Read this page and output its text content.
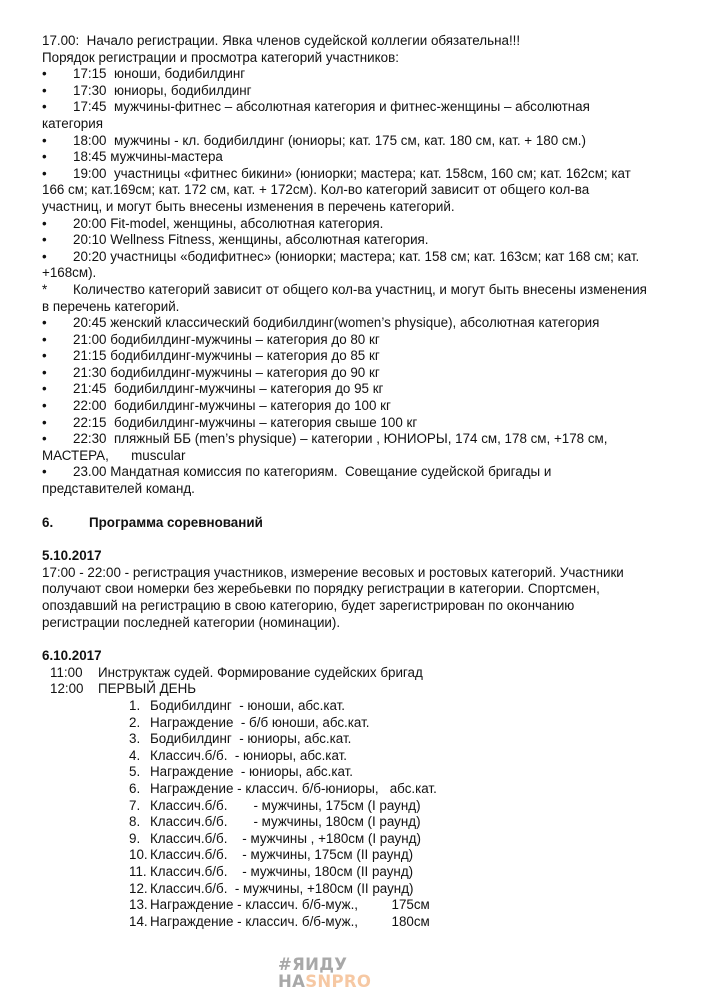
17.00:  Начало регистрации. Явка членов судейской коллегии обязательна!!!
Порядок регистрации и просмотра категорий участников:
•	17:15  юноши, бодибилдинг
•	17:30  юниоры, бодибилдинг
•	17:45  мужчины-фитнес – абсолютная категория и фитнес-женщины – абсолютная
категория
•	18:00  мужчины - кл. бодибилдинг (юниоры; кат. 175 см, кат. 180 см, кат. + 180 см.)
•	18:45 мужчины-мастера
•	19:00  участницы «фитнес бикини» (юниорки; мастера; кат. 158см, 160 см; кат. 162см; кат
166 см; кат.169см; кат. 172 см, кат. + 172см). Кол-во категорий зависит от общего кол-ва
участниц, и могут быть внесены изменения в перечень категорий.
•	20:00 Fit-model, женщины, абсолютная категория.
•	20:10 Wellness Fitness, женщины, абсолютная категория.
•	20:20 участницы «бодифитнес» (юниорки; мастера; кат. 158 см; кат. 163см; кат 168 см; кат.
+168см).
*	Количество категорий зависит от общего кол-ва участниц, и могут быть внесены изменения
в перечень категорий.
•	20:45 женский классический бодибилдинг(women’s physique), абсолютная категория
•	21:00 бодибилдинг-мужчины – категория до 80 кг
•	21:15 бодибилдинг-мужчины – категория до 85 кг
•	21:30 бодибилдинг-мужчины – категория до 90 кг
•	21:45  бодибилдинг-мужчины – категория до 95 кг
•	22:00  бодибилдинг-мужчины – категория до 100 кг
•	22:15  бодибилдинг-мужчины – категория свыше 100 кг
•	22:30  пляжный ББ (men’s physique) – категории , ЮНИОРЫ, 174 см, 178 см, +178 см,
МАСТЕРА,      muscular
•	23.00 Мандатная комиссия по категориям.  Совещание судейской бригады и
представителей команд.
6.	Программа соревнований
5.10.2017
17:00 - 22:00 - регистрация участников, измерение весовых и ростовых категорий. Участники
получают свои номерки без жеребьевки по порядку регистрации в категории. Спортсмен,
опоздавший на регистрацию в свою категорию, будет зарегистрирован по окончанию
регистрации последней категории (номинации).
6.10.2017
11:00	Инструктаж судей. Формирование судейских бригад
12:00	ПЕРВЫЙ ДЕНЬ
1. Бодибилдинг  - юноши, абс.кат.
2. Награждение  - б/б юноши, абс.кат.
3. Бодибилдинг  - юниоры, абс.кат.
4. Классич.б/б.  - юниоры, абс.кат.
5. Награждение  - юниоры, абс.кат.
6. Награждение - классич. б/б-юниоры,   абс.кат.
7. Классич.б/б.       - мужчины, 175см (I раунд)
8. Классич.б/б.       - мужчины, 180см (I раунд)
9. Классич.б/б.    - мужчины , +180см (I раунд)
10. Классич.б/б.    - мужчины, 175см (II раунд)
11. Классич.б/б.    - мужчины, 180см (II раунд)
12. Классич.б/б.  - мужчины, +180см (II раунд)
13. Награждение - классич. б/б-муж.,         175см
14. Награждение - классич. б/б-муж.,         180см
#ЯИДУ
НАSNPRO
